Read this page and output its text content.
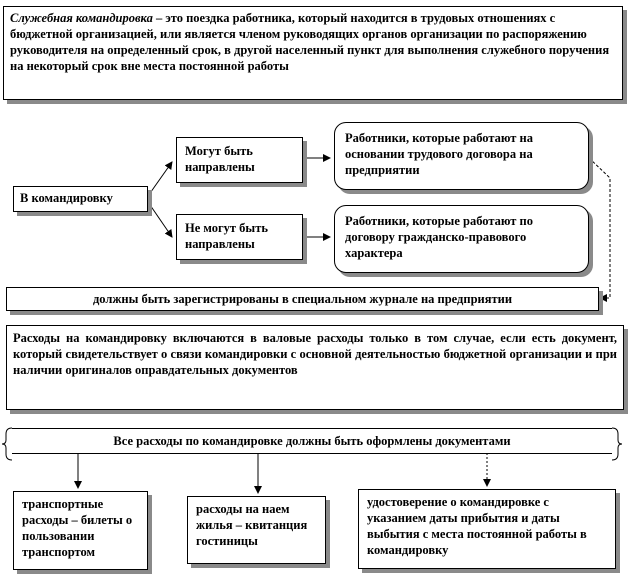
Служебная командировка – это поездка работника, который находится в трудовых отношениях с бюджетной организацией, или является членом руководящих органов организации по распоряжению руководителя на определенный срок, в другой населенный пункт для выполнения служебного поручения на некоторый срок вне места постоянной работы
В командировку
Могут быть направлены
Не могут быть направлены
Работники, которые работают на основании трудового договора на предприятии
Работники, которые работают по договору гражданско-правового характера
должны быть зарегистрированы в специальном журнале на предприятии
Расходы на командировку включаются в валовые расходы только в том случае, если есть документ, который свидетельствует о связи командировки с основной деятельностью бюджетной организации и при наличии оригиналов оправдательных документов
Все расходы по командировке должны быть оформлены документами
транспортные расходы – билеты о пользовании транспортом
расходы на наем жилья – квитанция гостиницы
удостоверение о командировке с указанием даты прибытия и даты выбытия с места постоянной работы в командировку
